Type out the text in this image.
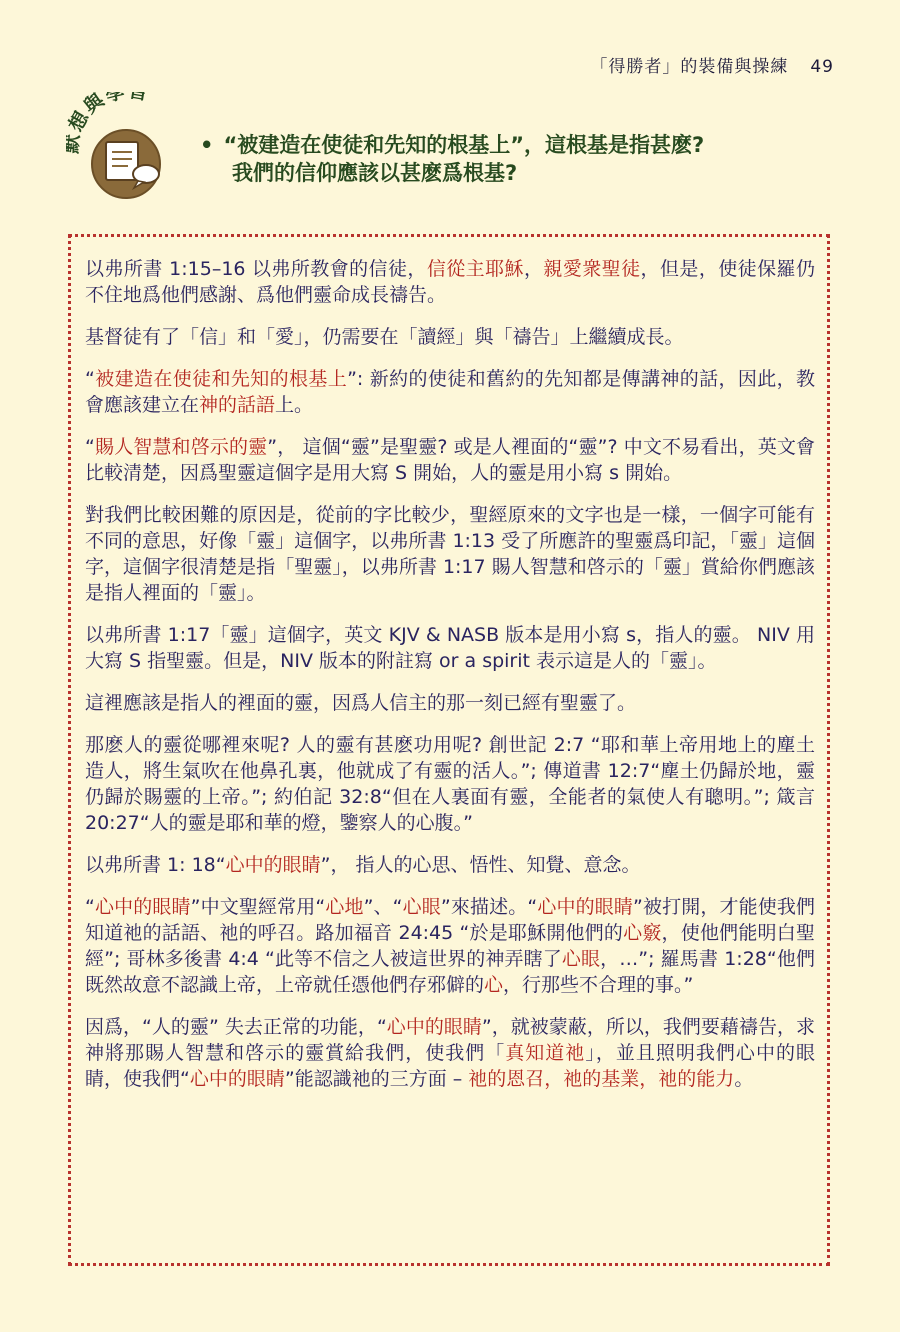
「得勝者」的裝備與操練 49
想與學習
• “被建造在使徒和先知的根基上”，這根基是指甚麽?
我們的信仰應該以甚麽爲根基?

以弗所書 1:15–16 以弗所教會的信徒，信從主耶穌，親愛衆聖徒，但是，使徒保羅仍不住地爲他們感謝、爲他們靈命成長禱告。

基督徒有了「信」和「愛」，仍需要在「讀經」與「禱告」上繼續成長。

“被建造在使徒和先知的根基上”: 新約的使徒和舊約的先知都是傳講神的話，因此，教會應該建立在神的話語上。

“賜人智慧和啓示的靈”， 這個“靈”是聖靈? 或是人裡面的“靈”? 中文不易看出，英文會比較清楚，因爲聖靈這個字是用大寫 S 開始，人的靈是用小寫 s 開始。

對我們比較困難的原因是，從前的字比較少，聖經原來的文字也是一樣，一個字可能有不同的意思，好像「靈」這個字，以弗所書 1:13 受了所應許的聖靈爲印記，「靈」這個字，這個字很清楚是指「聖靈」，以弗所書 1:17 賜人智慧和啓示的「靈」賞給你們應該是指人裡面的「靈」。

以弗所書 1:17「靈」這個字，英文 KJV & NASB 版本是用小寫 s，指人的靈。 NIV 用大寫 S 指聖靈。但是，NIV 版本的附註寫 or a spirit 表示這是人的「靈」。

這裡應該是指人的裡面的靈，因爲人信主的那一刻已經有聖靈了。

那麽人的靈從哪裡來呢? 人的靈有甚麽功用呢? 創世記 2:7 “耶和華上帝用地上的塵土造人，將生氣吹在他鼻孔裏，他就成了有靈的活人。”; 傳道書 12:7“塵土仍歸於地，靈仍歸於賜靈的上帝。”; 約伯記 32:8“但在人裏面有靈，全能者的氣使人有聰明。”; 箴言 20:27“人的靈是耶和華的燈，鑒察人的心腹。”

以弗所書 1: 18“心中的眼睛”， 指人的心思、悟性、知覺、意念。

“心中的眼睛”中文聖經常用“心地”、“心眼”來描述。“心中的眼睛”被打開，才能使我們知道祂的話語、祂的呼召。路加福音 24:45 “於是耶穌開他們的心竅，使他們能明白聖經”; 哥林多後書 4:4 “此等不信之人被這世界的神弄瞎了心眼，…”; 羅馬書 1:28“他們既然故意不認識上帝，上帝就任憑他們存邪僻的心，行那些不合理的事。”

因爲，“人的靈” 失去正常的功能，“心中的眼睛”，就被蒙蔽，所以，我們要藉禱告，求神將那賜人智慧和啓示的靈賞給我們，使我們「真知道祂」，並且照明我們心中的眼睛，使我們“心中的眼睛”能認識祂的三方面 – 祂的恩召，祂的基業，祂的能力。
